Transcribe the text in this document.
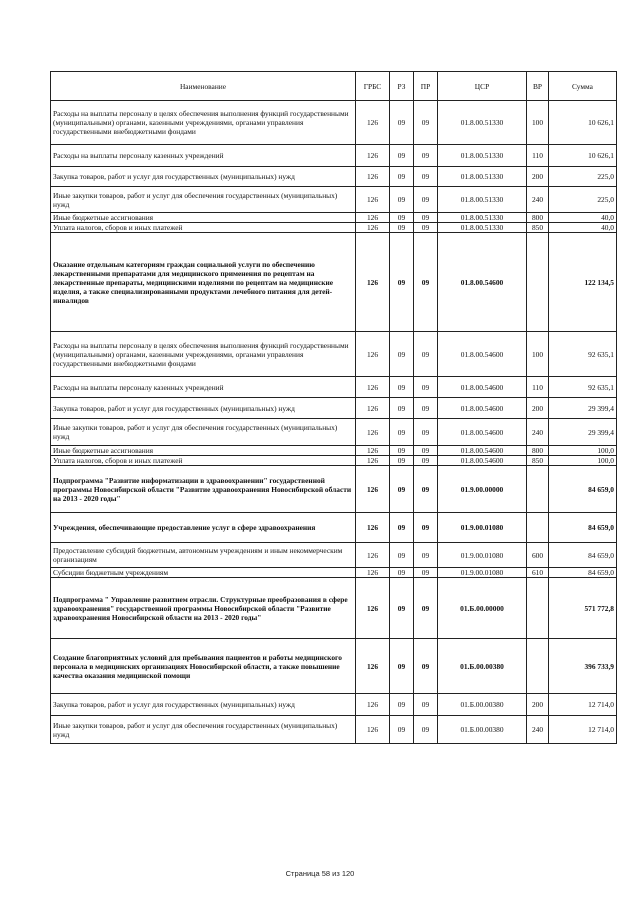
Наименование	ГРБС	РЗ	ПР	ЦСР	ВР	Сумма
Расходы на выплаты персоналу в целях обеспечения выполнения функций государственными (муниципальными) органами, казенными учреждениями, органами управления государственными внебюджетными фондами	126	09	09	01.8.00.51330	100	10 626,1
Расходы на выплаты персоналу казенных учреждений	126	09	09	01.8.00.51330	110	10 626,1
Закупка товаров, работ и услуг для государственных (муниципальных) нужд	126	09	09	01.8.00.51330	200	225,0
Иные закупки товаров, работ и услуг для обеспечения государственных (муниципальных) нужд	126	09	09	01.8.00.51330	240	225,0
Иные бюджетные ассигнования	126	09	09	01.8.00.51330	800	40,0
Уплата налогов, сборов и иных платежей	126	09	09	01.8.00.51330	850	40,0
Оказание отдельным категориям граждан социальной услуги по обеспечению лекарственными препаратами для медицинского применения по рецептам на лекарственные препараты, медицинскими изделиями по рецептам на медицинские изделия, а также специализированными продуктами лечебного питания для детей-инвалидов	126	09	09	01.8.00.54600		122 134,5
Расходы на выплаты персоналу в целях обеспечения выполнения функций государственными (муниципальными) органами, казенными учреждениями, органами управления государственными внебюджетными фондами	126	09	09	01.8.00.54600	100	92 635,1
Расходы на выплаты персоналу казенных учреждений	126	09	09	01.8.00.54600	110	92 635,1
Закупка товаров, работ и услуг для государственных (муниципальных) нужд	126	09	09	01.8.00.54600	200	29 399,4
Иные закупки товаров, работ и услуг для обеспечения государственных (муниципальных) нужд	126	09	09	01.8.00.54600	240	29 399,4
Иные бюджетные ассигнования	126	09	09	01.8.00.54600	800	100,0
Уплата налогов, сборов и иных платежей	126	09	09	01.8.00.54600	850	100,0
Подпрограмма "Развитие информатизации в здравоохранении" государственной программы Новосибирской области "Развитие здравоохранения Новосибирской области на 2013 - 2020 годы"	126	09	09	01.9.00.00000		84 659,0
Учреждения, обеспечивающие предоставление услуг в сфере здравоохранения	126	09	09	01.9.00.01080		84 659,0
Предоставление субсидий бюджетным, автономным учреждениям и иным некоммерческим организациям	126	09	09	01.9.00.01080	600	84 659,0
Субсидии бюджетным учреждениям	126	09	09	01.9.00.01080	610	84 659,0
Подпрограмма " Управление развитием отрасли. Структурные преобразования в сфере здравоохранения" государственной программы Новосибирской области "Развитие здравоохранения Новосибирской области на 2013 - 2020 годы"	126	09	09	01.Б.00.00000		571 772,8
Создание благоприятных условий для пребывания пациентов и работы медицинского персонала в медицинских организациях Новосибирской области, а также повышение качества оказания медицинской помощи	126	09	09	01.Б.00.00380		396 733,9
Закупка товаров, работ и услуг для государственных (муниципальных) нужд	126	09	09	01.Б.00.00380	200	12 714,0
Иные закупки товаров, работ и услуг для обеспечения государственных (муниципальных) нужд	126	09	09	01.Б.00.00380	240	12 714,0
Страница 58 из 120
